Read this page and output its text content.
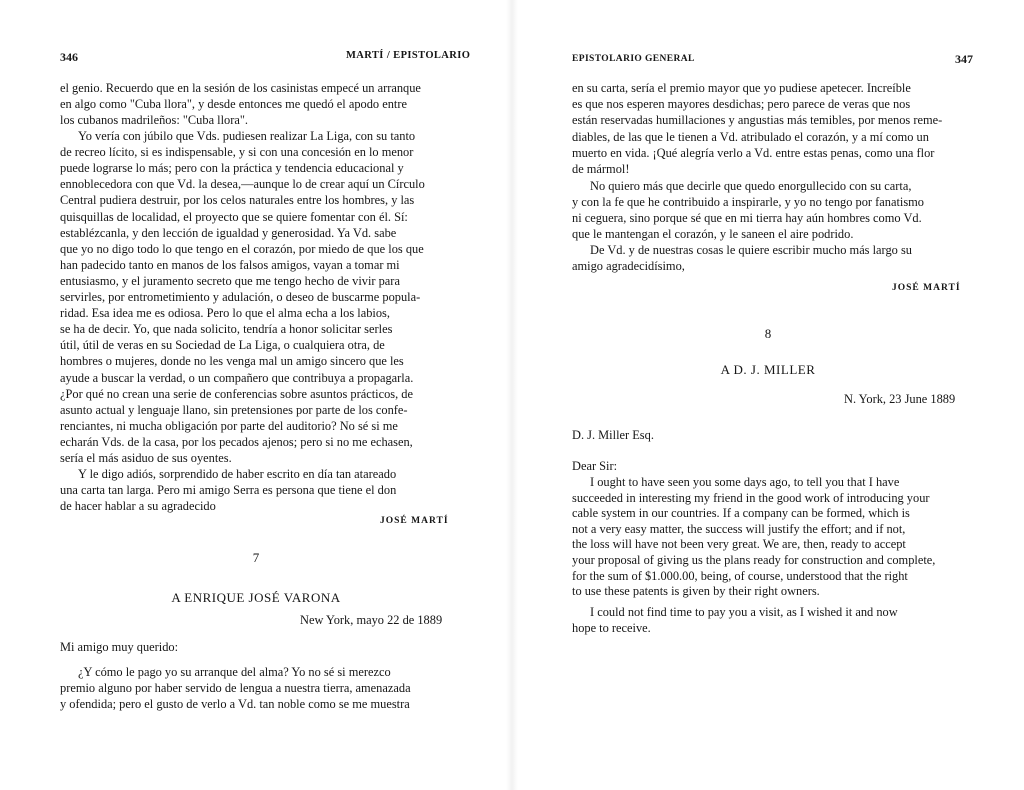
346	MARTÍ / EPISTOLARIO
el genio. Recuerdo que en la sesión de los casinistas empecé un arranque
en algo como "Cuba llora", y desde entonces me quedó el apodo entre
los cubanos madrileños: "Cuba llora".
Yo vería con júbilo que Vds. pudiesen realizar La Liga, con su tanto
de recreo lícito, si es indispensable, y si con una concesión en lo menor
puede lograrse lo más; pero con la práctica y tendencia educacional y
ennoblecedora con que Vd. la desea,—aunque lo de crear aquí un Círculo
Central pudiera destruir, por los celos naturales entre los hombres, y las
quisquillas de localidad, el proyecto que se quiere fomentar con él. Sí:
establézcanla, y den lección de igualdad y generosidad. Ya Vd. sabe
que yo no digo todo lo que tengo en el corazón, por miedo de que los que
han padecido tanto en manos de los falsos amigos, vayan a tomar mi
entusiasmo, y el juramento secreto que me tengo hecho de vivir para
servirles, por entrometimiento y adulación, o deseo de buscarme popula-
ridad. Esa idea me es odiosa. Pero lo que el alma echa a los labios,
se ha de decir. Yo, que nada solicito, tendría a honor solicitar serles
útil, útil de veras en su Sociedad de La Liga, o cualquiera otra, de
hombres o mujeres, donde no les venga mal un amigo sincero que les
ayude a buscar la verdad, o un compañero que contribuya a propagarla.
¿Por qué no crean una serie de conferencias sobre asuntos prácticos, de
asunto actual y lenguaje llano, sin pretensiones por parte de los confe-
renciantes, ni mucha obligación por parte del auditorio? No sé si me
echarán Vds. de la casa, por los pecados ajenos; pero si no me echasen,
sería el más asiduo de sus oyentes.
Y le digo adiós, sorprendido de haber escrito en día tan atareado
una carta tan larga. Pero mi amigo Serra es persona que tiene el don
de hacer hablar a su agradecido
JOSÉ MARTÍ
7
A ENRIQUE JOSÉ VARONA
New York, mayo 22 de 1889
Mi amigo muy querido:
¿Y cómo le pago yo su arranque del alma? Yo no sé si merezco
premio alguno por haber servido de lengua a nuestra tierra, amenazada
y ofendida; pero el gusto de verlo a Vd. tan noble como se me muestra
EPISTOLARIO GENERAL	347
en su carta, sería el premio mayor que yo pudiese apetecer. Increíble
es que nos esperen mayores desdichas; pero parece de veras que nos
están reservadas humillaciones y angustias más temibles, por menos reme-
diables, de las que le tienen a Vd. atribulado el corazón, y a mí como un
muerto en vida. ¡Qué alegría verlo a Vd. entre estas penas, como una flor
de mármol!
No quiero más que decirle que quedo enorgullecido con su carta,
y con la fe que he contribuido a inspirarle, y yo no tengo por fanatismo
ni ceguera, sino porque sé que en mi tierra hay aún hombres como Vd.
que le mantengan el corazón, y le saneen el aire podrido.
De Vd. y de nuestras cosas le quiere escribir mucho más largo su
amigo agradecidísimo,
JOSÉ MARTÍ
8
A D. J. MILLER
N. York, 23 June 1889
D. J. Miller Esq.
Dear Sir:
I ought to have seen you some days ago, to tell you that I have
succeeded in interesting my friend in the good work of introducing your
cable system in our countries. If a company can be formed, which is
not a very easy matter, the success will justify the effort; and if not,
the loss will have not been very great. We are, then, ready to accept
your proposal of giving us the plans ready for construction and complete,
for the sum of $1.000.00, being, of course, understood that the right
to use these patents is given by their right owners.
I could not find time to pay you a visit, as I wished it and now
hope to receive.
